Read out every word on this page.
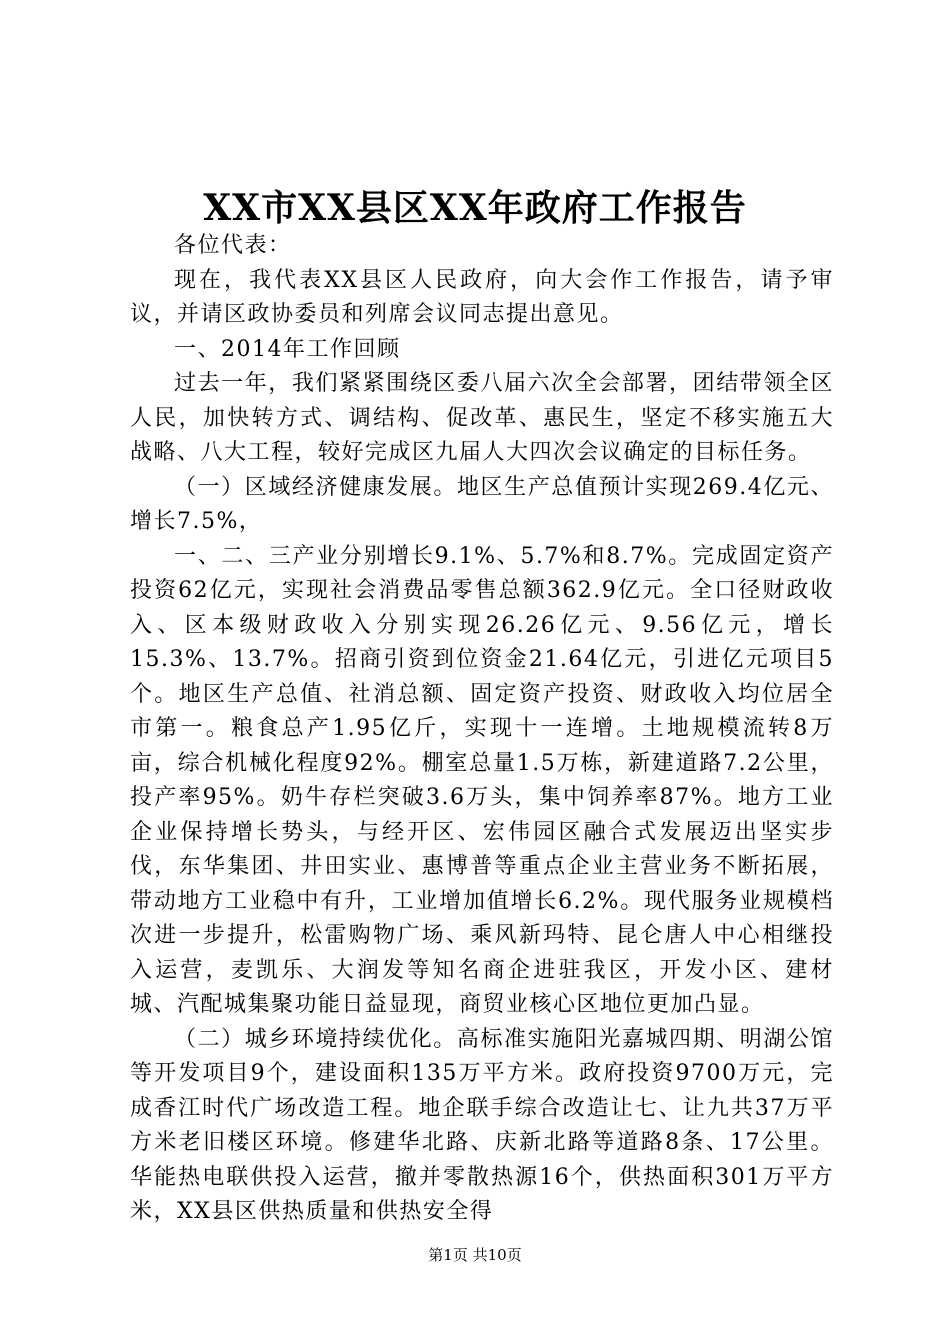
XX市XX县区XX年政府工作报告

各位代表：

现在，我代表XX县区人民政府，向大会作工作报告，请予审议，并请区政协委员和列席会议同志提出意见。

一、2014年工作回顾

过去一年，我们紧紧围绕区委八届六次全会部署，团结带领全区人民，加快转方式、调结构、促改革、惠民生，坚定不移实施五大战略、八大工程，较好完成区九届人大四次会议确定的目标任务。

（一）区域经济健康发展。地区生产总值预计实现269.4亿元、增长7.5%，

一、二、三产业分别增长9.1%、5.7%和8.7%。完成固定资产投资62亿元，实现社会消费品零售总额362.9亿元。全口径财政收入、区本级财政收入分别实现26.26亿元、9.56亿元，增长15.3%、13.7%。招商引资到位资金21.64亿元，引进亿元项目5个。地区生产总值、社消总额、固定资产投资、财政收入均位居全市第一。粮食总产1.95亿斤，实现十一连增。土地规模流转8万亩，综合机械化程度92%。棚室总量1.5万栋，新建道路7.2公里，投产率95%。奶牛存栏突破3.6万头，集中饲养率87%。地方工业企业保持增长势头，与经开区、宏伟园区融合式发展迈出坚实步伐，东华集团、井田实业、惠博普等重点企业主营业务不断拓展，带动地方工业稳中有升，工业增加值增长6.2%。现代服务业规模档次进一步提升，松雷购物广场、乘风新玛特、昆仑唐人中心相继投入运营，麦凯乐、大润发等知名商企进驻我区，开发小区、建材城、汽配城集聚功能日益显现，商贸业核心区地位更加凸显。

（二）城乡环境持续优化。高标准实施阳光嘉城四期、明湖公馆等开发项目9个，建设面积135万平方米。政府投资9700万元，完成香江时代广场改造工程。地企联手综合改造让七、让九共37万平方米老旧楼区环境。修建华北路、庆新北路等道路8条、17公里。华能热电联供投入运营，撤并零散热源16个，供热面积301万平方米，XX县区供热质量和供热安全得

第1页 共10页
